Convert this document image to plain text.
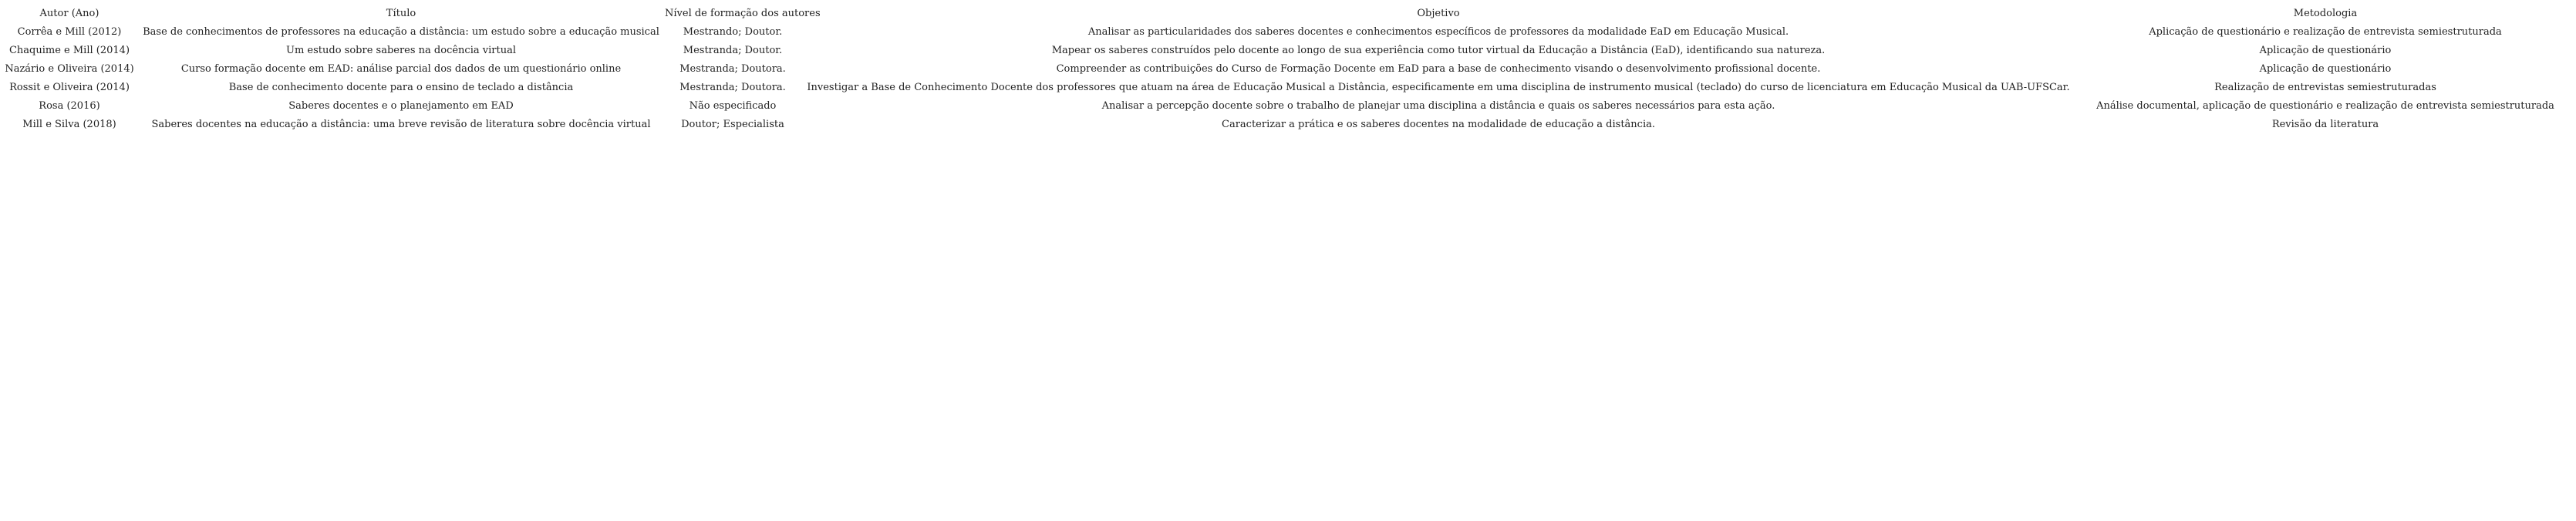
Autor (Ano)	Título	Nível de formação dos autores	Objetivo	Metodologia
Corrêa e Mill (2012)	Base de conhecimentos de professores na educação a distância: um estudo sobre a educação musical	Mestrando; Doutor.	Analisar as particularidades dos saberes docentes e conhecimentos específicos de professores da modalidade EaD em Educação Musical.	Aplicação de questionário e realização de entrevista semiestruturada
Chaquime e Mill (2014)	Um estudo sobre saberes na docência virtual	Mestranda; Doutor.	Mapear os saberes construídos pelo docente ao longo de sua experiência como tutor virtual da Educação a Distância (EaD), identificando sua natureza.	Aplicação de questionário
Nazário e Oliveira (2014)	Curso formação docente em EAD: análise parcial dos dados de um questionário online	Mestranda; Doutora.	Compreender as contribuições do Curso de Formação Docente em EaD para a base de conhecimento visando o desenvolvimento profissional docente.	Aplicação de questionário
Rossit e Oliveira (2014)	Base de conhecimento docente para o ensino de teclado a distância	Mestranda; Doutora.	Investigar a Base de Conhecimento Docente dos professores que atuam na área de Educação Musical a Distância, especificamente em uma disciplina de instrumento musical (teclado) do curso de licenciatura em Educação Musical da UAB-UFSCar.	Realização de entrevistas semiestruturadas
Rosa (2016)	Saberes docentes e o planejamento em EAD	Não especificado	Analisar a percepção docente sobre o trabalho de planejar uma disciplina a distância e quais os saberes necessários para esta ação.	Análise documental, aplicação de questionário e realização de entrevista semiestruturada
Mill e Silva (2018)	Saberes docentes na educação a distância: uma breve revisão de literatura sobre docência virtual	Doutor; Especialista	Caracterizar a prática e os saberes docentes na modalidade de educação a distância.	Revisão da literatura
